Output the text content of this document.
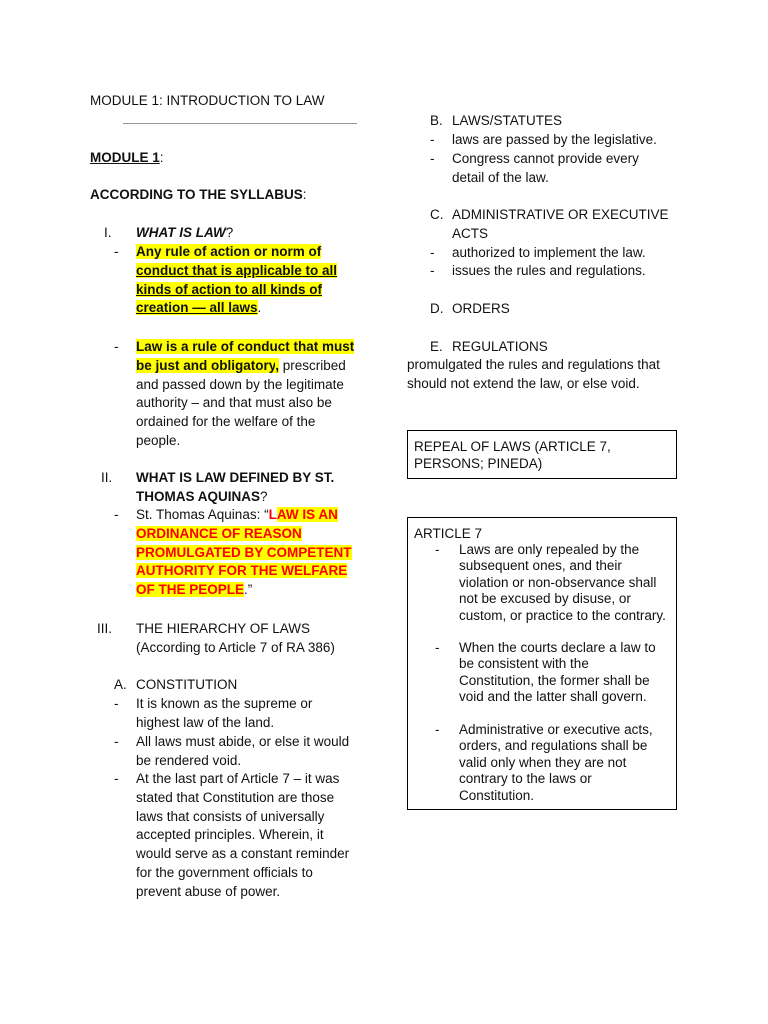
MODULE 1: INTRODUCTION TO LAW
MODULE 1:
ACCORDING TO THE SYLLABUS:
I. WHAT IS LAW?
- Any rule of action or norm of
conduct that is applicable to all
kinds of action to all kinds of
creation — all laws.
- Law is a rule of conduct that must
be just and obligatory, prescribed
and passed down by the legitimate
authority – and that must also be
ordained for the welfare of the
people.
II. WHAT IS LAW DEFINED BY ST.
THOMAS AQUINAS?
- St. Thomas Aquinas: “LAW IS AN
ORDINANCE OF REASON
PROMULGATED BY COMPETENT
AUTHORITY FOR THE WELFARE
OF THE PEOPLE.”
III. THE HIERARCHY OF LAWS
(According to Article 7 of RA 386)
A. CONSTITUTION
- It is known as the supreme or
highest law of the land.
- All laws must abide, or else it would
be rendered void.
- At the last part of Article 7 – it was
stated that Constitution are those
laws that consists of universally
accepted principles. Wherein, it
would serve as a constant reminder
for the government officials to
prevent abuse of power.
B. LAWS/STATUTES
- laws are passed by the legislative.
- Congress cannot provide every
detail of the law.
C. ADMINISTRATIVE OR EXECUTIVE
ACTS
- authorized to implement the law.
- issues the rules and regulations.
D. ORDERS
E. REGULATIONS
promulgated the rules and regulations that
should not extend the law, or else void.
REPEAL OF LAWS (ARTICLE 7,
PERSONS; PINEDA)
ARTICLE 7
- Laws are only repealed by the
subsequent ones, and their
violation or non-observance shall
not be excused by disuse, or
custom, or practice to the contrary.
- When the courts declare a law to
be consistent with the
Constitution, the former shall be
void and the latter shall govern.
- Administrative or executive acts,
orders, and regulations shall be
valid only when they are not
contrary to the laws or
Constitution.
